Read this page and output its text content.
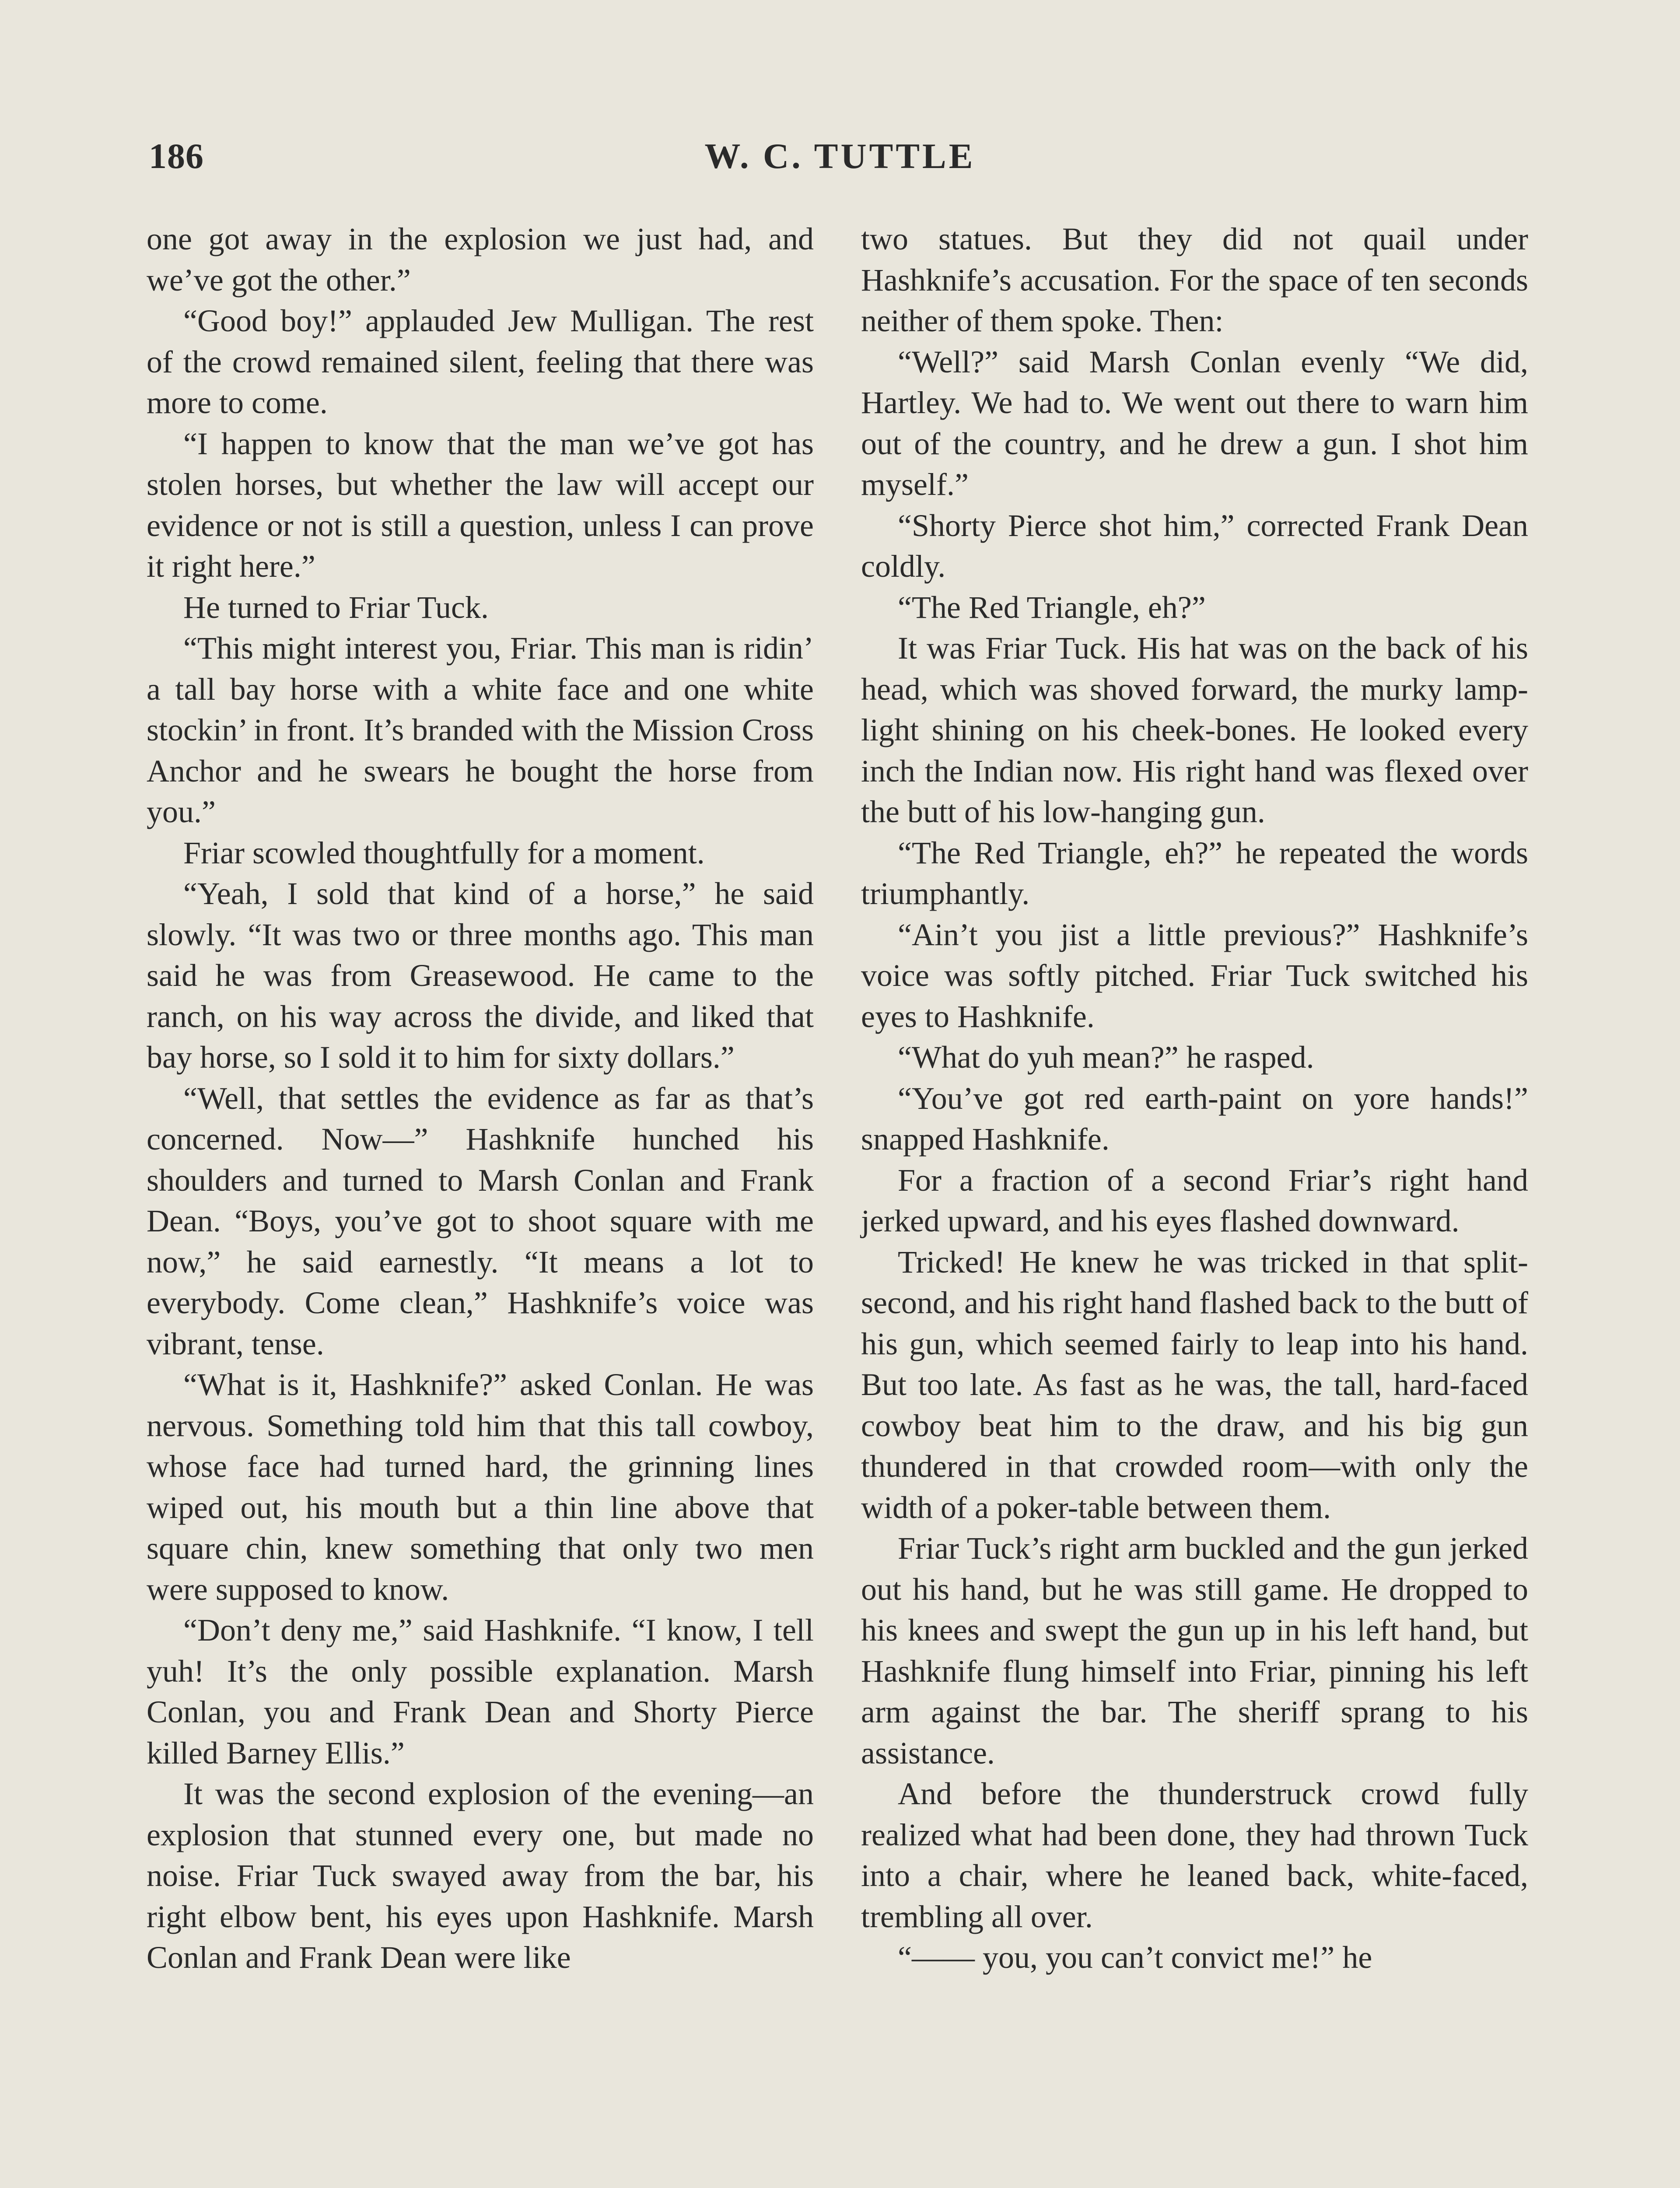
186	W. C. TUTTLE

one got away in the explosion we just had, and we’ve got the other.”

“Good boy!” applauded Jew Mulligan. The rest of the crowd remained silent, feeling that there was more to come.

“I happen to know that the man we’ve got has stolen horses, but whether the law will accept our evidence or not is still a question, unless I can prove it right here.”

He turned to Friar Tuck.

“This might interest you, Friar. This man is ridin’ a tall bay horse with a white face and one white stockin’ in front. It’s branded with the Mission Cross Anchor and he swears he bought the horse from you.”

Friar scowled thoughtfully for a moment.

“Yeah, I sold that kind of a horse,” he said slowly. “It was two or three months ago. This man said he was from Greasewood. He came to the ranch, on his way across the divide, and liked that bay horse, so I sold it to him for sixty dollars.”

“Well, that settles the evidence as far as that’s concerned. Now—” Hashknife hunched his shoulders and turned to Marsh Conlan and Frank Dean. “Boys, you’ve got to shoot square with me now,” he said earnestly. “It means a lot to everybody. Come clean,” Hashknife’s voice was vibrant, tense.

“What is it, Hashknife?” asked Conlan. He was nervous. Something told him that this tall cowboy, whose face had turned hard, the grinning lines wiped out, his mouth but a thin line above that square chin, knew something that only two men were supposed to know.

“Don’t deny me,” said Hashknife. “I know, I tell yuh! It’s the only possible explanation. Marsh Conlan, you and Frank Dean and Shorty Pierce killed Barney Ellis.”

It was the second explosion of the evening—an explosion that stunned every one, but made no noise. Friar Tuck swayed away from the bar, his right elbow bent, his eyes upon Hashknife. Marsh Conlan and Frank Dean were like

two statues. But they did not quail under Hashknife’s accusation. For the space of ten seconds neither of them spoke. Then:

“Well?” said Marsh Conlan evenly “We did, Hartley. We had to. We went out there to warn him out of the country, and he drew a gun. I shot him myself.”

“Shorty Pierce shot him,” corrected Frank Dean coldly.

“The Red Triangle, eh?”

It was Friar Tuck. His hat was on the back of his head, which was shoved forward, the murky lamp-light shining on his cheek-bones. He looked every inch the Indian now. His right hand was flexed over the butt of his low-hanging gun.

“The Red Triangle, eh?” he repeated the words triumphantly.

“Ain’t you jist a little previous?” Hashknife’s voice was softly pitched. Friar Tuck switched his eyes to Hashknife.

“What do yuh mean?” he rasped.

“You’ve got red earth-paint on yore hands!” snapped Hashknife.

For a fraction of a second Friar’s right hand jerked upward, and his eyes flashed downward.

Tricked! He knew he was tricked in that split-second, and his right hand flashed back to the butt of his gun, which seemed fairly to leap into his hand. But too late. As fast as he was, the tall, hard-faced cowboy beat him to the draw, and his big gun thundered in that crowded room—with only the width of a poker-table between them.

Friar Tuck’s right arm buckled and the gun jerked out his hand, but he was still game. He dropped to his knees and swept the gun up in his left hand, but Hashknife flung himself into Friar, pinning his left arm against the bar. The sheriff sprang to his assistance.

And before the thunderstruck crowd fully realized what had been done, they had thrown Tuck into a chair, where he leaned back, white-faced, trembling all over.

“—— you, you can’t convict me!” he
